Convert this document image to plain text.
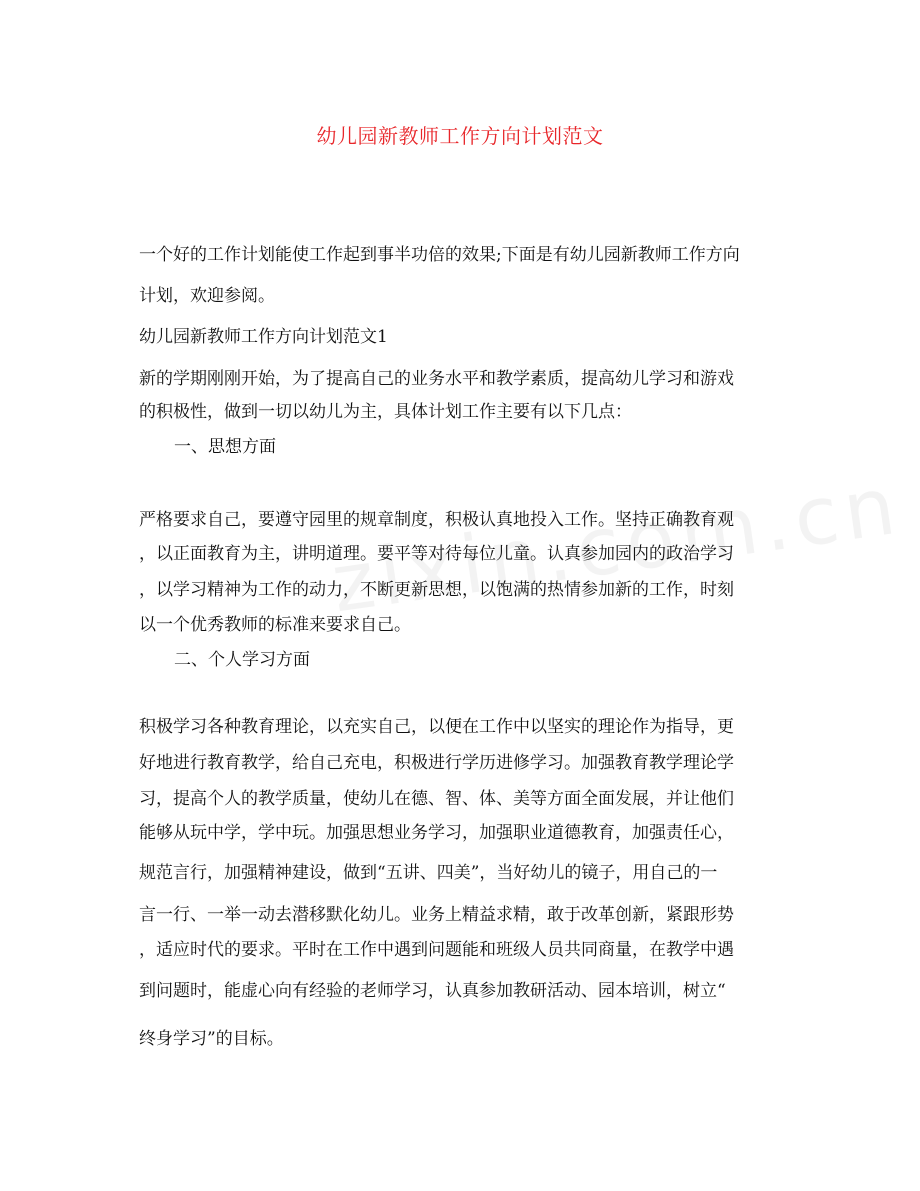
幼儿园新教师工作方向计划范文
一个好的工作计划能使工作起到事半功倍的效果;下面是有幼儿园新教师工作方向
计划，欢迎参阅。
幼儿园新教师工作方向计划范文1
新的学期刚刚开始，为了提高自己的业务水平和教学素质，提高幼儿学习和游戏
的积极性，做到一切以幼儿为主，具体计划工作主要有以下几点：
一、思想方面
严格要求自己，要遵守园里的规章制度，积极认真地投入工作。坚持正确教育观
，以正面教育为主，讲明道理。要平等对待每位儿童。认真参加园内的政治学习
，以学习精神为工作的动力，不断更新思想，以饱满的热情参加新的工作，时刻
以一个优秀教师的标准来要求自己。
二、个人学习方面
积极学习各种教育理论，以充实自己，以便在工作中以坚实的理论作为指导，更
好地进行教育教学，给自己充电，积极进行学历进修学习。加强教育教学理论学
习，提高个人的教学质量，使幼儿在德、智、体、美等方面全面发展，并让他们
能够从玩中学，学中玩。加强思想业务学习，加强职业道德教育，加强责任心，
规范言行，加强精神建设，做到“五讲、四美”，当好幼儿的镜子，用自己的一
言一行、一举一动去潜移默化幼儿。业务上精益求精，敢于改革创新，紧跟形势
，适应时代的要求。平时在工作中遇到问题能和班级人员共同商量，在教学中遇
到问题时，能虚心向有经验的老师学习，认真参加教研活动、园本培训，树立“
终身学习”的目标。
